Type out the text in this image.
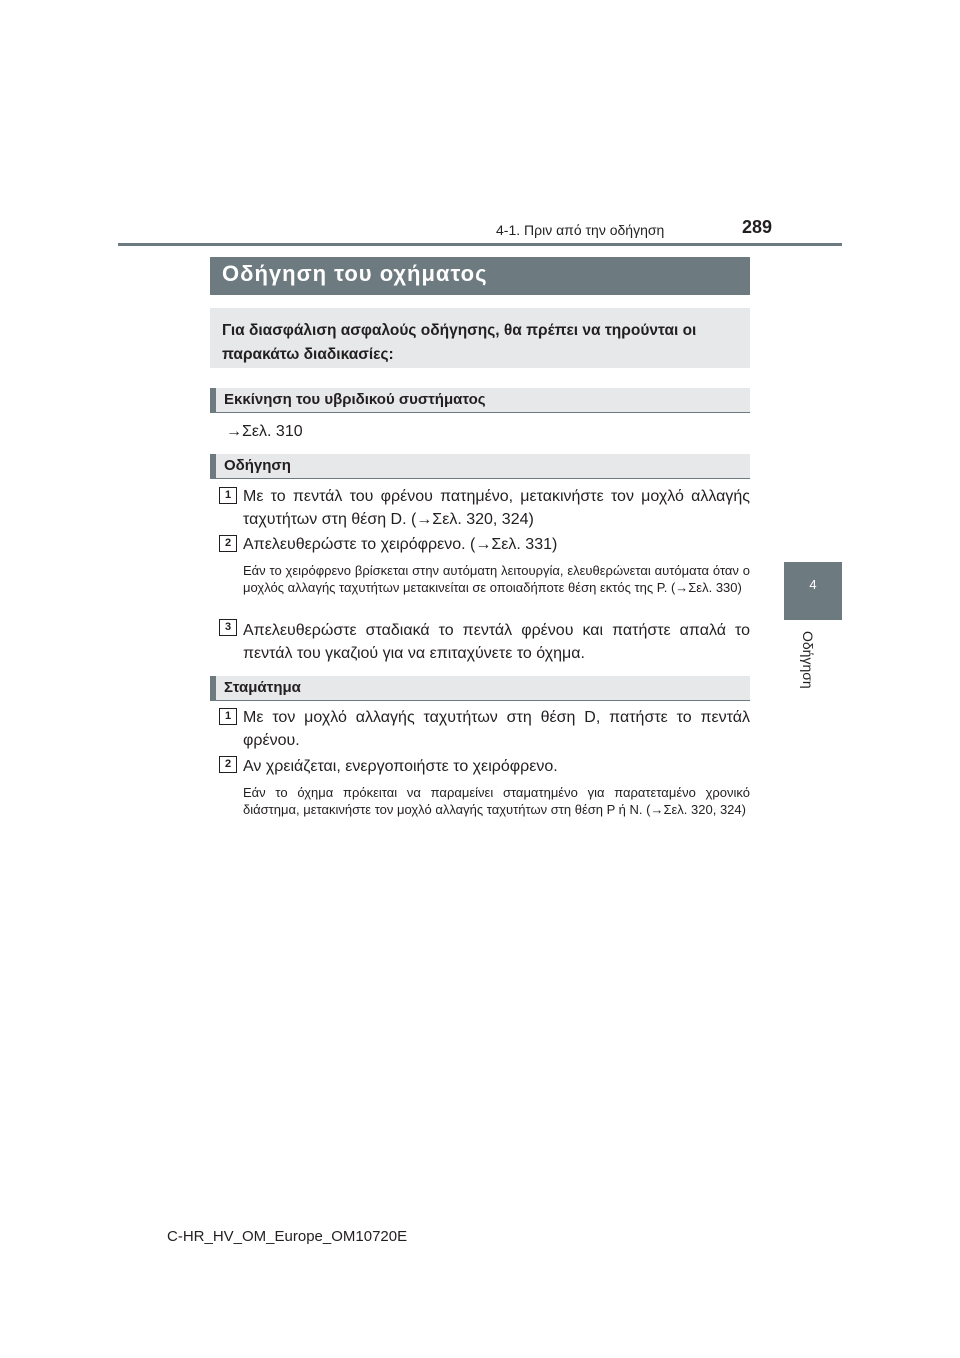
4-1. Πριν από την οδήγηση	289
4
Οδήγηση
Οδήγηση του οχήματος

Για διασφάλιση ασφαλούς οδήγησης, θα πρέπει να τηρούνται οι παρακάτω διαδικασίες:

Εκκίνηση του υβριδικού συστήματος
→Σελ. 310
Οδήγηση
1 Με το πεντάλ του φρένου πατημένο, μετακινήστε τον μοχλό αλλαγής ταχυτήτων στη θέση D. (→Σελ. 320, 324)
2 Απελευθερώστε το χειρόφρενο. (→Σελ. 331)
Εάν το χειρόφρενο βρίσκεται στην αυτόματη λειτουργία, ελευθερώνεται αυτόματα όταν ο μοχλός αλλαγής ταχυτήτων μετακινείται σε οποιαδήποτε θέση εκτός της P. (→Σελ. 330)
3 Απελευθερώστε σταδιακά το πεντάλ φρένου και πατήστε απαλά το πεντάλ του γκαζιού για να επιταχύνετε το όχημα.
Σταμάτημα
1 Με τον μοχλό αλλαγής ταχυτήτων στη θέση D, πατήστε το πεντάλ φρένου.
2 Αν χρειάζεται, ενεργοποιήστε το χειρόφρενο.
Εάν το όχημα πρόκειται να παραμείνει σταματημένο για παρατεταμένο χρονικό διάστημα, μετακινήστε τον μοχλό αλλαγής ταχυτήτων στη θέση P ή N. (→Σελ. 320, 324)
C-HR_HV_OM_Europe_OM10720E
